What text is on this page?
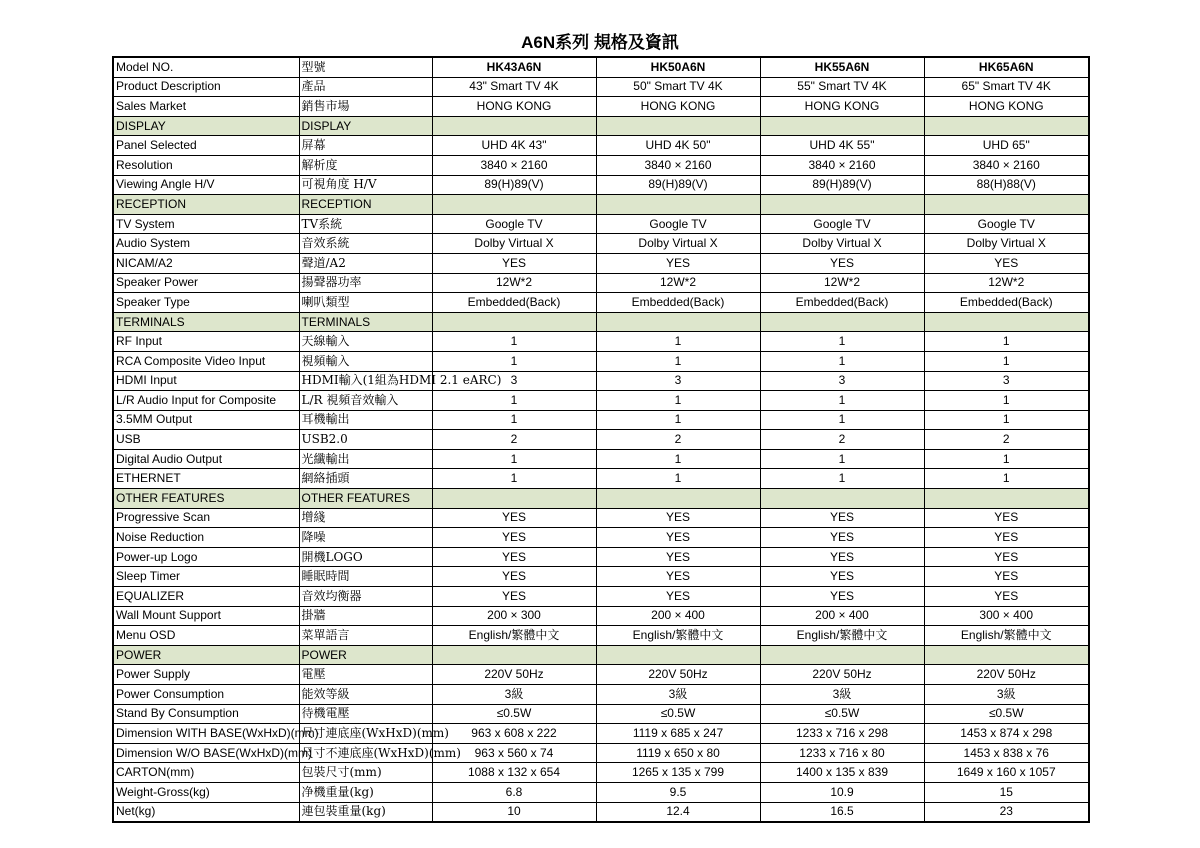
A6N系列 規格及資訊
Model NO.	型號	HK43A6N	HK50A6N	HK55A6N	HK65A6N
Product Description	產品	43" Smart TV 4K	50" Smart TV 4K	55" Smart TV 4K	65" Smart TV 4K
Sales Market	銷售市場	HONG KONG	HONG KONG	HONG KONG	HONG KONG
DISPLAY	DISPLAY				
Panel Selected	屏幕	UHD 4K 43"	UHD 4K 50"	UHD 4K 55"	UHD 65"
Resolution	解析度	3840 × 2160	3840 × 2160	3840 × 2160	3840 × 2160
Viewing Angle H/V	可視角度 H/V	89(H)89(V)	89(H)89(V)	89(H)89(V)	88(H)88(V)
RECEPTION	RECEPTION				
TV System	TV系統	Google TV	Google TV	Google TV	Google TV
Audio System	音效系統	Dolby Virtual X	Dolby Virtual X	Dolby Virtual X	Dolby Virtual X
NICAM/A2	聲道/A2	YES	YES	YES	YES
Speaker Power	揚聲器功率	12W*2	12W*2	12W*2	12W*2
Speaker Type	喇叭類型	Embedded(Back)	Embedded(Back)	Embedded(Back)	Embedded(Back)
TERMINALS	TERMINALS				
RF Input	天線輸入	1	1	1	1
RCA Composite Video Input	視頻輸入	1	1	1	1
HDMI Input	HDMI輸入(1組為HDMI 2.1 eARC)	3	3	3	3
L/R Audio Input for Composite	L/R 視頻音效輸入	1	1	1	1
3.5MM Output	耳機輸出	1	1	1	1
USB	USB2.0	2	2	2	2
Digital Audio Output	光纖輸出	1	1	1	1
ETHERNET	網絡插頭	1	1	1	1
OTHER FEATURES	OTHER FEATURES				
Progressive Scan	增綫	YES	YES	YES	YES
Noise Reduction	降噪	YES	YES	YES	YES
Power-up Logo	開機LOGO	YES	YES	YES	YES
Sleep Timer	睡眠時間	YES	YES	YES	YES
EQUALIZER	音效均衡器	YES	YES	YES	YES
Wall Mount Support	掛牆	200 × 300	200 × 400	200 × 400	300 × 400
Menu OSD	菜單語言	English/繁體中文	English/繁體中文	English/繁體中文	English/繁體中文
POWER	POWER				
Power Supply	電壓	220V 50Hz	220V 50Hz	220V 50Hz	220V 50Hz
Power Consumption	能效等級	3級	3級	3級	3級
Stand By Consumption	待機電壓	≤0.5W	≤0.5W	≤0.5W	≤0.5W
Dimension WITH BASE(WxHxD)(mm)	尺寸連底座(WxHxD)(mm)	963 x 608 x 222	1119 x 685 x 247	1233 x 716 x 298	1453 x 874 x 298
Dimension W/O BASE(WxHxD)(mm)	尺寸不連底座(WxHxD)(mm)	963 x 560 x 74	1119 x 650 x 80	1233 x 716 x 80	1453 x 838 x 76
CARTON(mm)	包裝尺寸(mm)	1088 x 132 x 654	1265 x 135 x 799	1400 x 135 x 839	1649 x 160 x 1057
Weight-Gross(kg)	净機重量(kg)	6.8	9.5	10.9	15
Net(kg)	連包裝重量(kg)	10	12.4	16.5	23
